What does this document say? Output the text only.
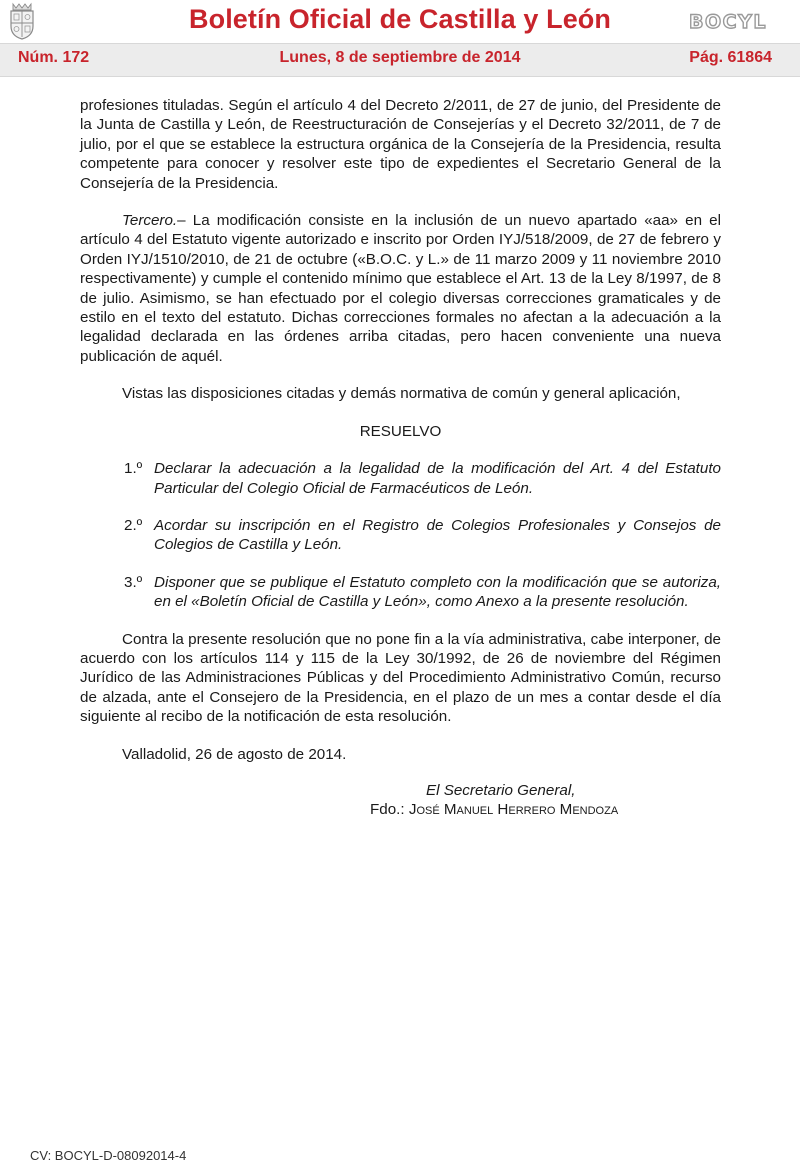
Boletín Oficial de Castilla y León	BOCYL
Núm. 172	Lunes, 8 de septiembre de 2014	Pág. 61864

profesiones tituladas. Según el artículo 4 del Decreto 2/2011, de 27 de junio, del Presidente de la Junta de Castilla y León, de Reestructuración de Consejerías y el Decreto 32/2011, de 7 de julio, por el que se establece la estructura orgánica de la Consejería de la Presidencia, resulta competente para conocer y resolver este tipo de expedientes el Secretario General de la Consejería de la Presidencia.

Tercero.– La modificación consiste en la inclusión de un nuevo apartado «aa» en el artículo 4 del Estatuto vigente autorizado e inscrito por Orden IYJ/518/2009, de 27 de febrero y Orden IYJ/1510/2010, de 21 de octubre («B.O.C. y L.» de 11 marzo 2009 y 11 noviembre 2010 respectivamente) y cumple el contenido mínimo que establece el Art. 13 de la Ley 8/1997, de 8 de julio. Asimismo, se han efectuado por el colegio diversas correcciones gramaticales y de estilo en el texto del estatuto. Dichas correcciones formales no afectan a la adecuación a la legalidad declarada en las órdenes arriba citadas, pero hacen conveniente una nueva publicación de aquél.

Vistas las disposiciones citadas y demás normativa de común y general aplicación,

RESUELVO

1.º Declarar la adecuación a la legalidad de la modificación del Art. 4 del Estatuto Particular del Colegio Oficial de Farmacéuticos de León.
2.º Acordar su inscripción en el Registro de Colegios Profesionales y Consejos de Colegios de Castilla y León.
3.º Disponer que se publique el Estatuto completo con la modificación que se autoriza, en el «Boletín Oficial de Castilla y León», como Anexo a la presente resolución.

Contra la presente resolución que no pone fin a la vía administrativa, cabe interponer, de acuerdo con los artículos 114 y 115 de la Ley 30/1992, de 26 de noviembre del Régimen Jurídico de las Administraciones Públicas y del Procedimiento Administrativo Común, recurso de alzada, ante el Consejero de la Presidencia, en el plazo de un mes a contar desde el día siguiente al recibo de la notificación de esta resolución.

Valladolid, 26 de agosto de 2014.

El Secretario General,
Fdo.: José Manuel Herrero Mendoza
CV: BOCYL-D-08092014-4
